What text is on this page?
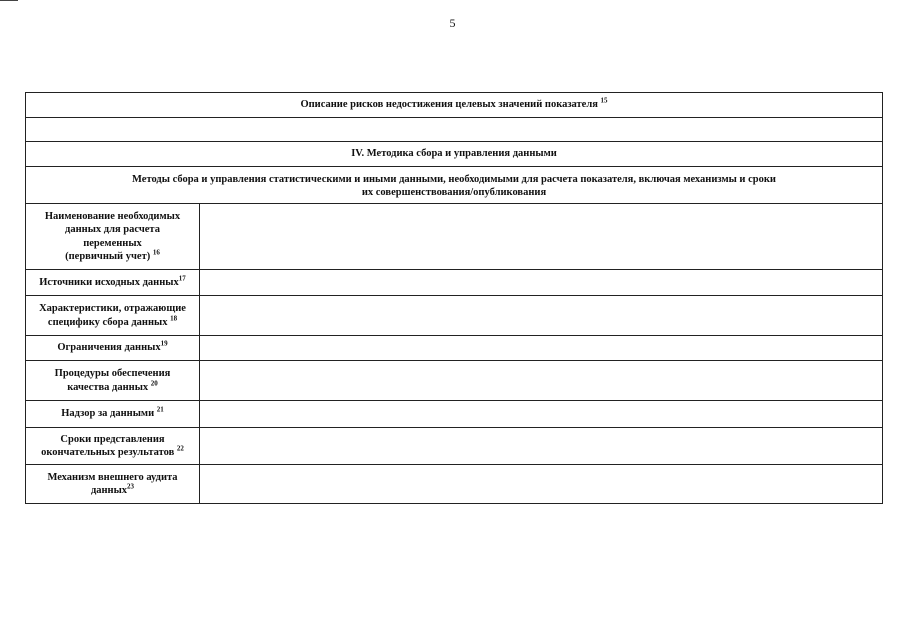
5
Описание рисков недостижения целевых значений показателя $^{15}$

IV. Методика сбора и управления данными	

Методы сбора и управления статистическими и иными данными, необходимыми для расчета показателя, включая механизмы и сроки
их совершенствования/опубликования	

Наименование необходимых
данных для расчета
переменных
(первичный учет) $^{16}$

Источники исходных данных$^{17}$	

Характеристики, отражающие
специфику сбора данных $^{18}$

Ограничения данных$^{19}$	

Процедуры обеспечения
качества данных $^{20}$

Надзор за данными $^{21}$	

Сроки представления
окончательных результатов $^{22}$

Механизм внешнего аудита
данных$^{23}$
